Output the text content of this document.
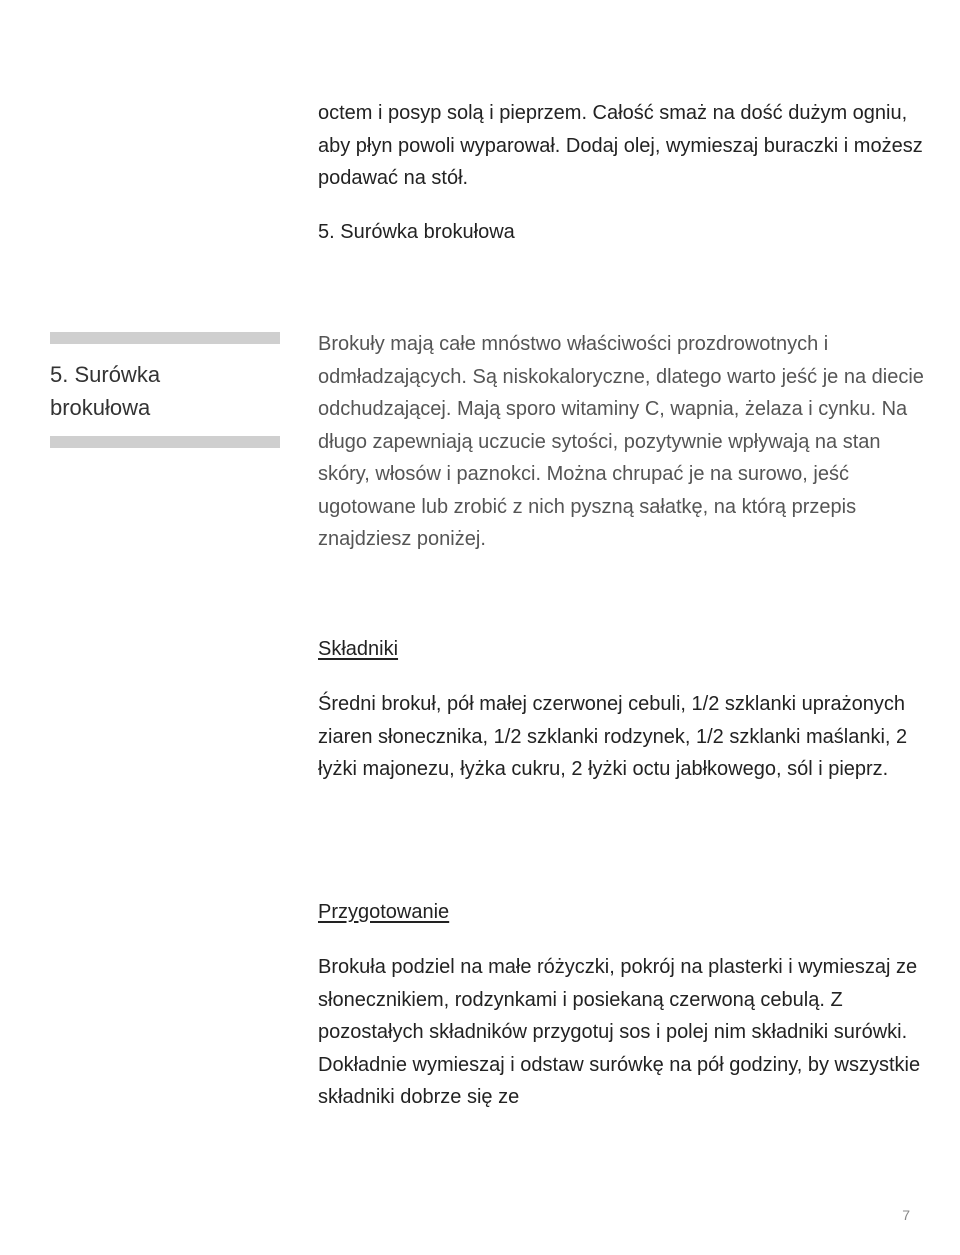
octem i posyp solą i pieprzem. Całość smaż na dość dużym ogniu, aby płyn powoli wyparował. Dodaj olej, wymieszaj buraczki i możesz podawać na stół.

5. Surówka brokułowa
5. Surówka
brokułowa

Brokuły mają całe mnóstwo właściwości prozdrowotnych i odmładzających. Są niskokaloryczne, dlatego warto jeść je na diecie odchudzającej. Mają sporo witaminy C, wapnia, żelaza i cynku. Na długo zapewniają uczucie sytości, pozytywnie wpływają na stan skóry, włosów i paznokci. Można chrupać je na surowo, jeść ugotowane lub zrobić z nich pyszną sałatkę, na którą przepis znajdziesz poniżej.

Składniki

Średni brokuł, pół małej czerwonej cebuli, 1/2 szklanki uprażonych ziaren słonecznika, 1/2 szklanki rodzynek, 1/2 szklanki maślanki, 2 łyżki majonezu, łyżka cukru, 2 łyżki octu jabłkowego, sól i pieprz.

Przygotowanie

Brokuła podziel na małe różyczki, pokrój na plasterki i wymieszaj ze słonecznikiem, rodzynkami i posiekaną czerwoną cebulą. Z pozostałych składników przygotuj sos i polej nim składniki surówki. Dokładnie wymieszaj i odstaw surówkę na pół godziny, by wszystkie składniki dobrze się ze

7
